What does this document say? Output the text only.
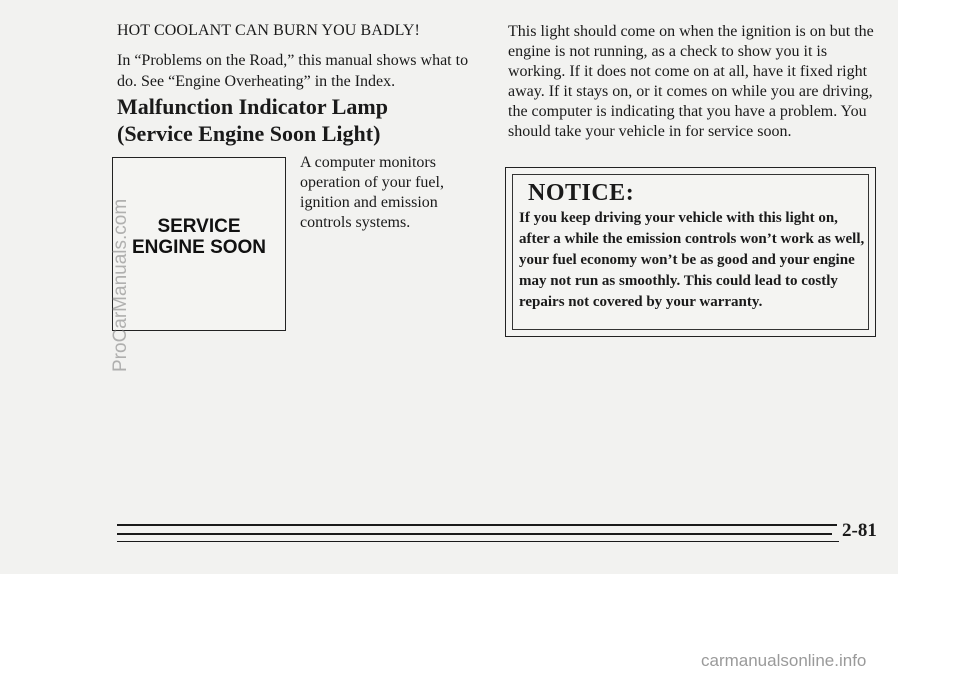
HOT COOLANT CAN BURN YOU BADLY!
In “Problems on the Road,” this manual shows what to do. See “Engine Overheating” in the Index.
Malfunction Indicator Lamp
(Service Engine Soon Light)
SERVICE
ENGINE SOON
A computer monitors operation of your fuel, ignition and emission controls systems.
This light should come on when the ignition is on but the engine is not running, as a check to show you it is working. If it does not come on at all, have it fixed right away. If it stays on, or it comes on while you are driving, the computer is indicating that you have a problem. You should take your vehicle in for service soon.
NOTICE:
If you keep driving your vehicle with this light on, after a while the emission controls won’t work as well, your fuel economy won’t be as good and your engine may not run as smoothly. This could lead to costly repairs not covered by your warranty.
2-81
ProCarManuals.com
carmanualsonline.info
